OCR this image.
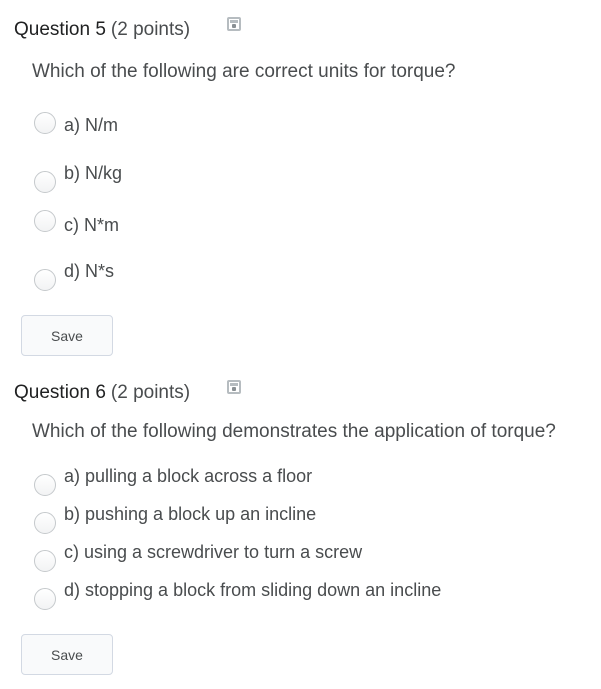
Question 5 (2 points)
Which of the following are correct units for torque?
a) N/m
b) N/kg
c) N*m
d) N*s
Save
Question 6 (2 points)
Which of the following demonstrates the application of torque?
a) pulling a block across a floor
b) pushing a block up an incline
c) using a screwdriver to turn a screw
d) stopping a block from sliding down an incline
Save
